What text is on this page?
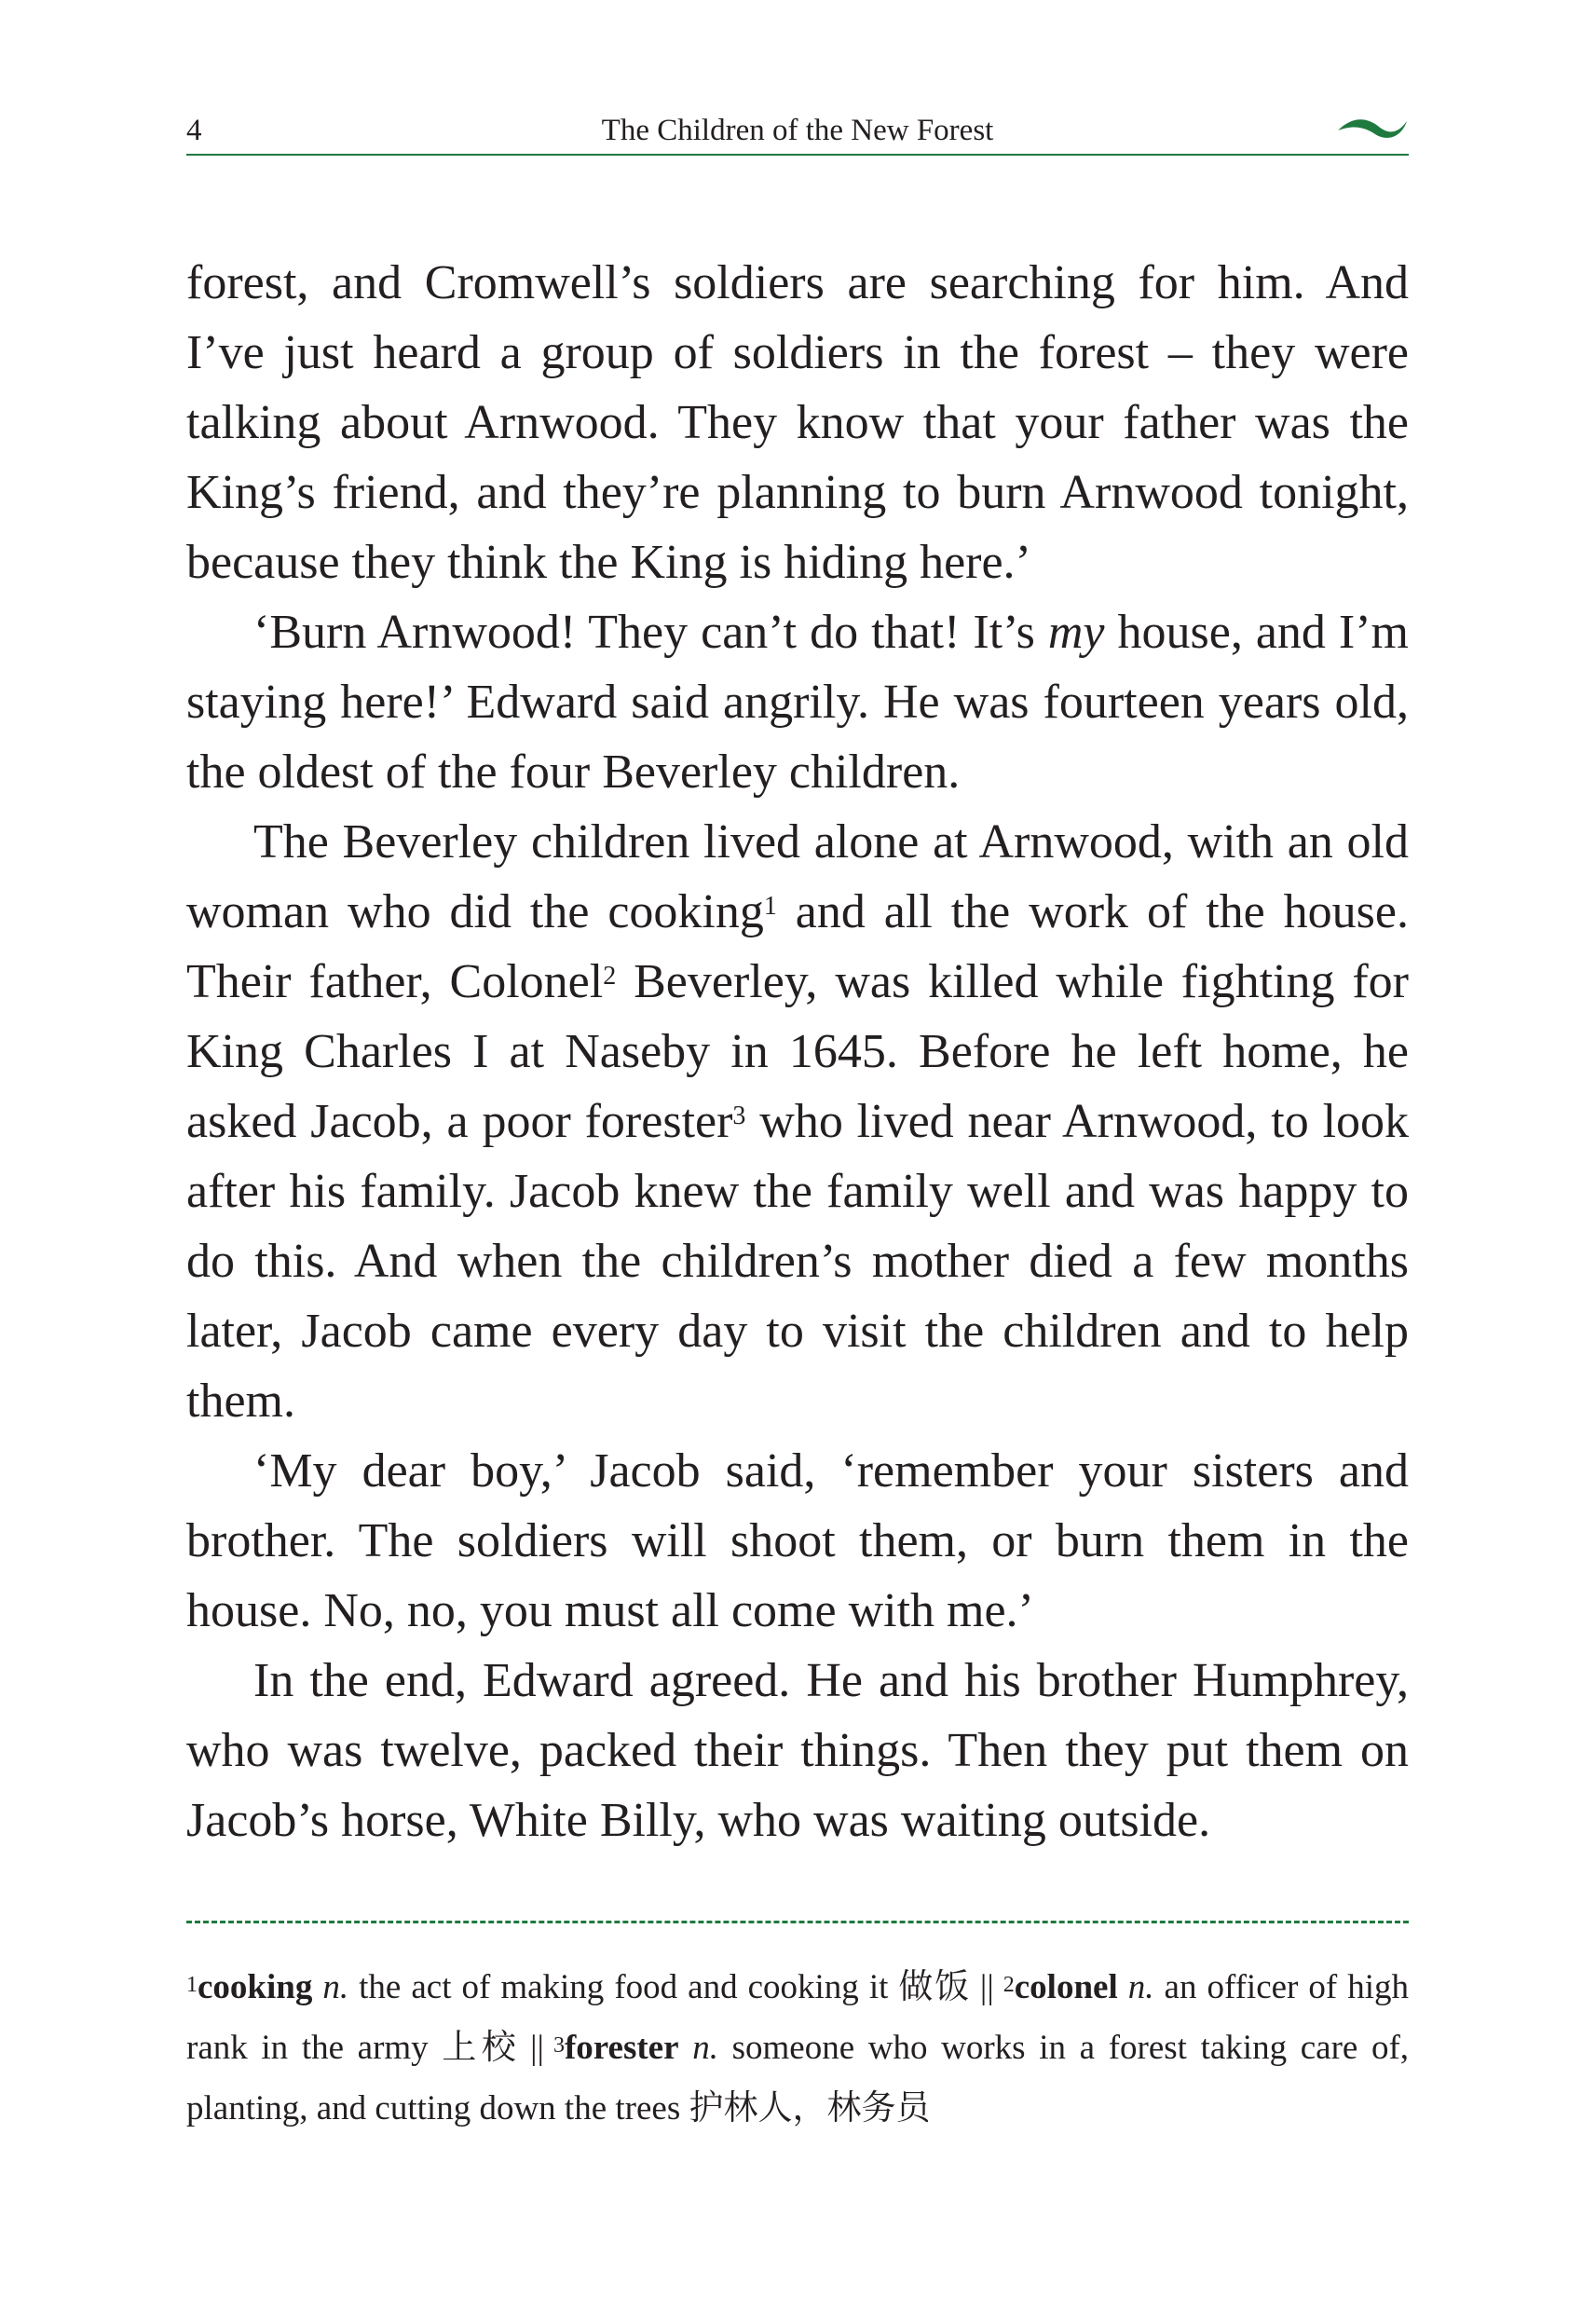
4	The Children of the New Forest

forest, and Cromwell’s soldiers are searching for him. And I’ve just heard a group of soldiers in the forest – they were talking about Arnwood. They know that your father was the King’s friend, and they’re planning to burn Arnwood tonight, because they think the King is hiding here.’

‘Burn Arnwood! They can’t do that! It’s my house, and I’m staying here!’ Edward said angrily. He was fourteen years old, the oldest of the four Beverley children.

The Beverley children lived alone at Arnwood, with an old woman who did the cooking$^1$ and all the work of the house. Their father, Colonel$^2$ Beverley, was killed while fighting for King Charles I at Naseby in 1645. Before he left home, he asked Jacob, a poor forester$^3$ who lived near Arnwood, to look after his family. Jacob knew the family well and was happy to do this. And when the children’s mother died a few months later, Jacob came every day to visit the children and to help them.

‘My dear boy,’ Jacob said, ‘remember your sisters and brother. The soldiers will shoot them, or burn them in the house. No, no, you must all come with me.’

In the end, Edward agreed. He and his brother Humphrey, who was twelve, packed their things. Then they put them on Jacob’s horse, White Billy, who was waiting outside.

$^1$cooking n. the act of making food and cooking it 做饭 || $^2$colonel n. an officer of high rank in the army 上校 || $^3$forester n. someone who works in a forest taking care of, planting, and cutting down the trees 护林人，林务员
